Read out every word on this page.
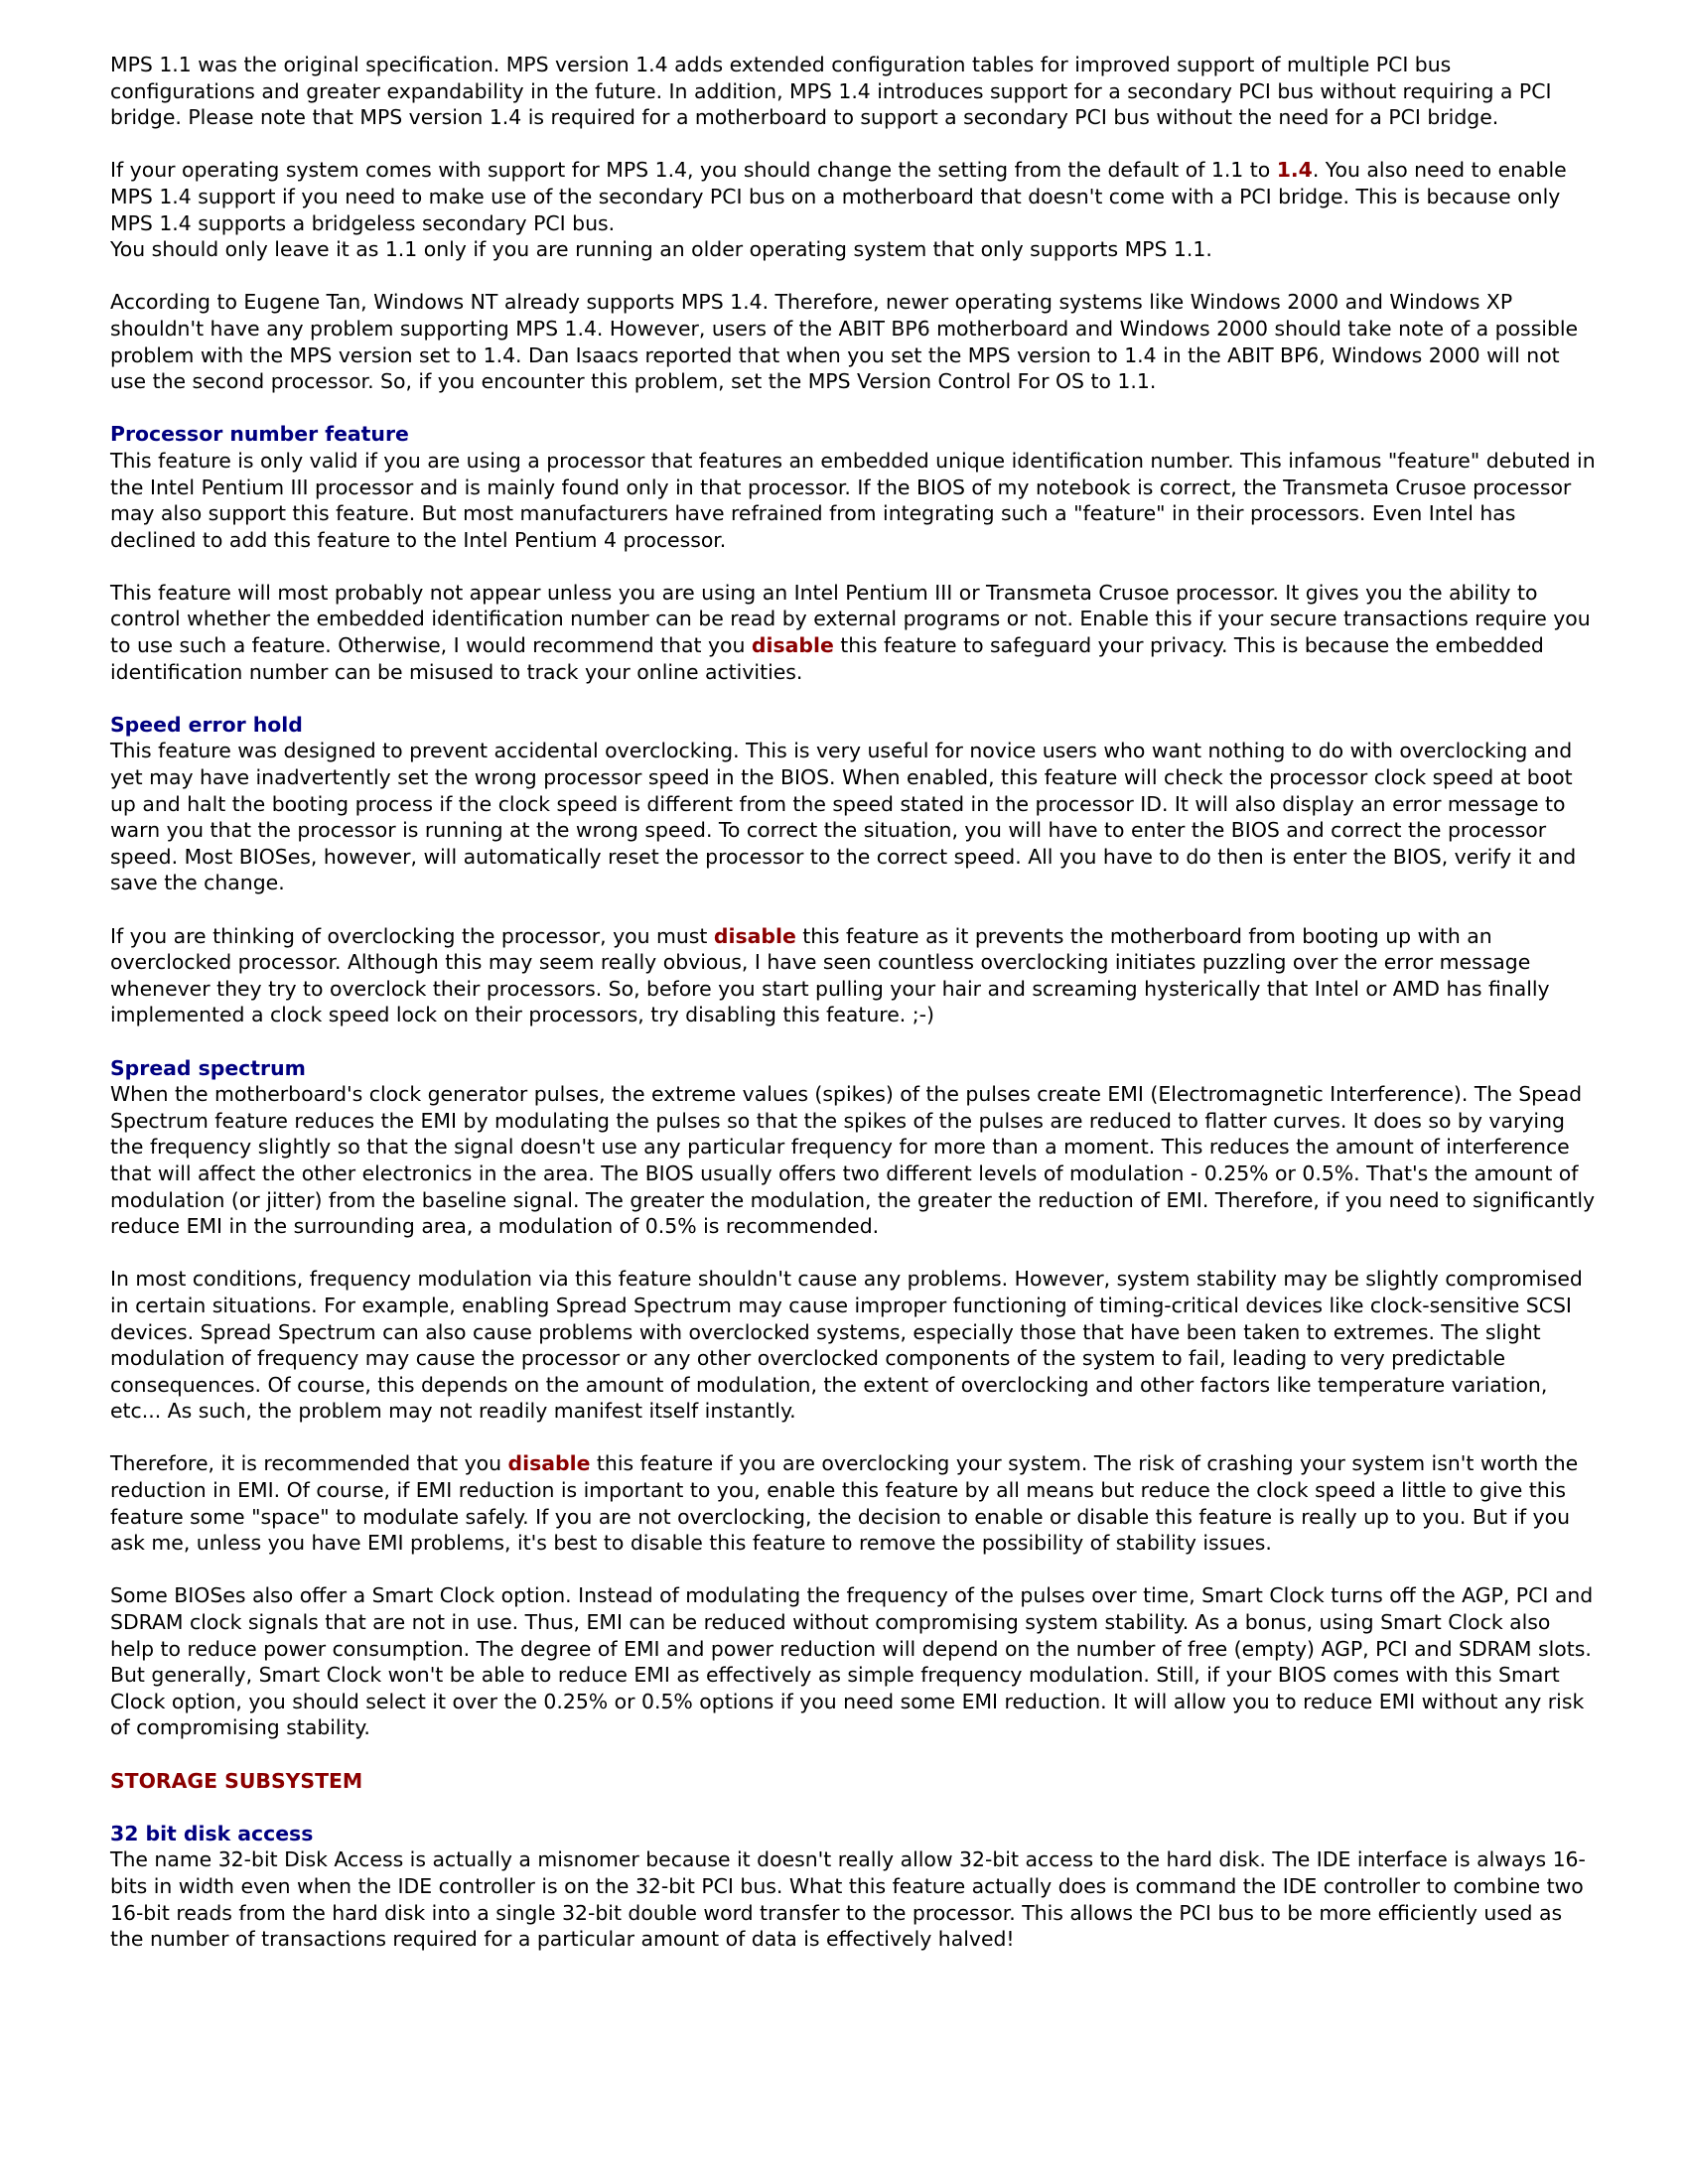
MPS 1.1 was the original specification. MPS version 1.4 adds extended configuration tables for improved support of multiple PCI bus configurations and greater expandability in the future. In addition, MPS 1.4 introduces support for a secondary PCI bus without requiring a PCI bridge. Please note that MPS version 1.4 is required for a motherboard to support a secondary PCI bus without the need for a PCI bridge.

If your operating system comes with support for MPS 1.4, you should change the setting from the default of 1.1 to 1.4. You also need to enable MPS 1.4 support if you need to make use of the secondary PCI bus on a motherboard that doesn't come with a PCI bridge. This is because only MPS 1.4 supports a bridgeless secondary PCI bus.
You should only leave it as 1.1 only if you are running an older operating system that only supports MPS 1.1.

According to Eugene Tan, Windows NT already supports MPS 1.4. Therefore, newer operating systems like Windows 2000 and Windows XP shouldn't have any problem supporting MPS 1.4. However, users of the ABIT BP6 motherboard and Windows 2000 should take note of a possible problem with the MPS version set to 1.4. Dan Isaacs reported that when you set the MPS version to 1.4 in the ABIT BP6, Windows 2000 will not use the second processor. So, if you encounter this problem, set the MPS Version Control For OS to 1.1.

Processor number feature

This feature is only valid if you are using a processor that features an embedded unique identification number. This infamous "feature" debuted in the Intel Pentium III processor and is mainly found only in that processor. If the BIOS of my notebook is correct, the Transmeta Crusoe processor may also support this feature. But most manufacturers have refrained from integrating such a "feature" in their processors. Even Intel has declined to add this feature to the Intel Pentium 4 processor.

This feature will most probably not appear unless you are using an Intel Pentium III or Transmeta Crusoe processor. It gives you the ability to control whether the embedded identification number can be read by external programs or not. Enable this if your secure transactions require you to use such a feature. Otherwise, I would recommend that you disable this feature to safeguard your privacy. This is because the embedded identification number can be misused to track your online activities.

Speed error hold

This feature was designed to prevent accidental overclocking. This is very useful for novice users who want nothing to do with overclocking and yet may have inadvertently set the wrong processor speed in the BIOS. When enabled, this feature will check the processor clock speed at boot up and halt the booting process if the clock speed is different from the speed stated in the processor ID. It will also display an error message to warn you that the processor is running at the wrong speed. To correct the situation, you will have to enter the BIOS and correct the processor speed. Most BIOSes, however, will automatically reset the processor to the correct speed. All you have to do then is enter the BIOS, verify it and save the change.

If you are thinking of overclocking the processor, you must disable this feature as it prevents the motherboard from booting up with an overclocked processor. Although this may seem really obvious, I have seen countless overclocking initiates puzzling over the error message whenever they try to overclock their processors. So, before you start pulling your hair and screaming hysterically that Intel or AMD has finally implemented a clock speed lock on their processors, try disabling this feature. ;-)

Spread spectrum

When the motherboard's clock generator pulses, the extreme values (spikes) of the pulses create EMI (Electromagnetic Interference). The Spead Spectrum feature reduces the EMI by modulating the pulses so that the spikes of the pulses are reduced to flatter curves. It does so by varying the frequency slightly so that the signal doesn't use any particular frequency for more than a moment. This reduces the amount of interference that will affect the other electronics in the area. The BIOS usually offers two different levels of modulation - 0.25% or 0.5%. That's the amount of modulation (or jitter) from the baseline signal. The greater the modulation, the greater the reduction of EMI. Therefore, if you need to significantly reduce EMI in the surrounding area, a modulation of 0.5% is recommended.

In most conditions, frequency modulation via this feature shouldn't cause any problems. However, system stability may be slightly compromised in certain situations. For example, enabling Spread Spectrum may cause improper functioning of timing-critical devices like clock-sensitive SCSI devices. Spread Spectrum can also cause problems with overclocked systems, especially those that have been taken to extremes. The slight modulation of frequency may cause the processor or any other overclocked components of the system to fail, leading to very predictable consequences. Of course, this depends on the amount of modulation, the extent of overclocking and other factors like temperature variation, etc... As such, the problem may not readily manifest itself instantly.

Therefore, it is recommended that you disable this feature if you are overclocking your system. The risk of crashing your system isn't worth the reduction in EMI. Of course, if EMI reduction is important to you, enable this feature by all means but reduce the clock speed a little to give this feature some "space" to modulate safely. If you are not overclocking, the decision to enable or disable this feature is really up to you. But if you ask me, unless you have EMI problems, it's best to disable this feature to remove the possibility of stability issues.

Some BIOSes also offer a Smart Clock option. Instead of modulating the frequency of the pulses over time, Smart Clock turns off the AGP, PCI and SDRAM clock signals that are not in use. Thus, EMI can be reduced without compromising system stability. As a bonus, using Smart Clock also help to reduce power consumption. The degree of EMI and power reduction will depend on the number of free (empty) AGP, PCI and SDRAM slots. But generally, Smart Clock won't be able to reduce EMI as effectively as simple frequency modulation. Still, if your BIOS comes with this Smart Clock option, you should select it over the 0.25% or 0.5% options if you need some EMI reduction. It will allow you to reduce EMI without any risk of compromising stability.

STORAGE SUBSYSTEM
32 bit disk access

The name 32-bit Disk Access is actually a misnomer because it doesn't really allow 32-bit access to the hard disk. The IDE interface is always 16-bits in width even when the IDE controller is on the 32-bit PCI bus. What this feature actually does is command the IDE controller to combine two 16-bit reads from the hard disk into a single 32-bit double word transfer to the processor. This allows the PCI bus to be more efficiently used as the number of transactions required for a particular amount of data is effectively halved!
